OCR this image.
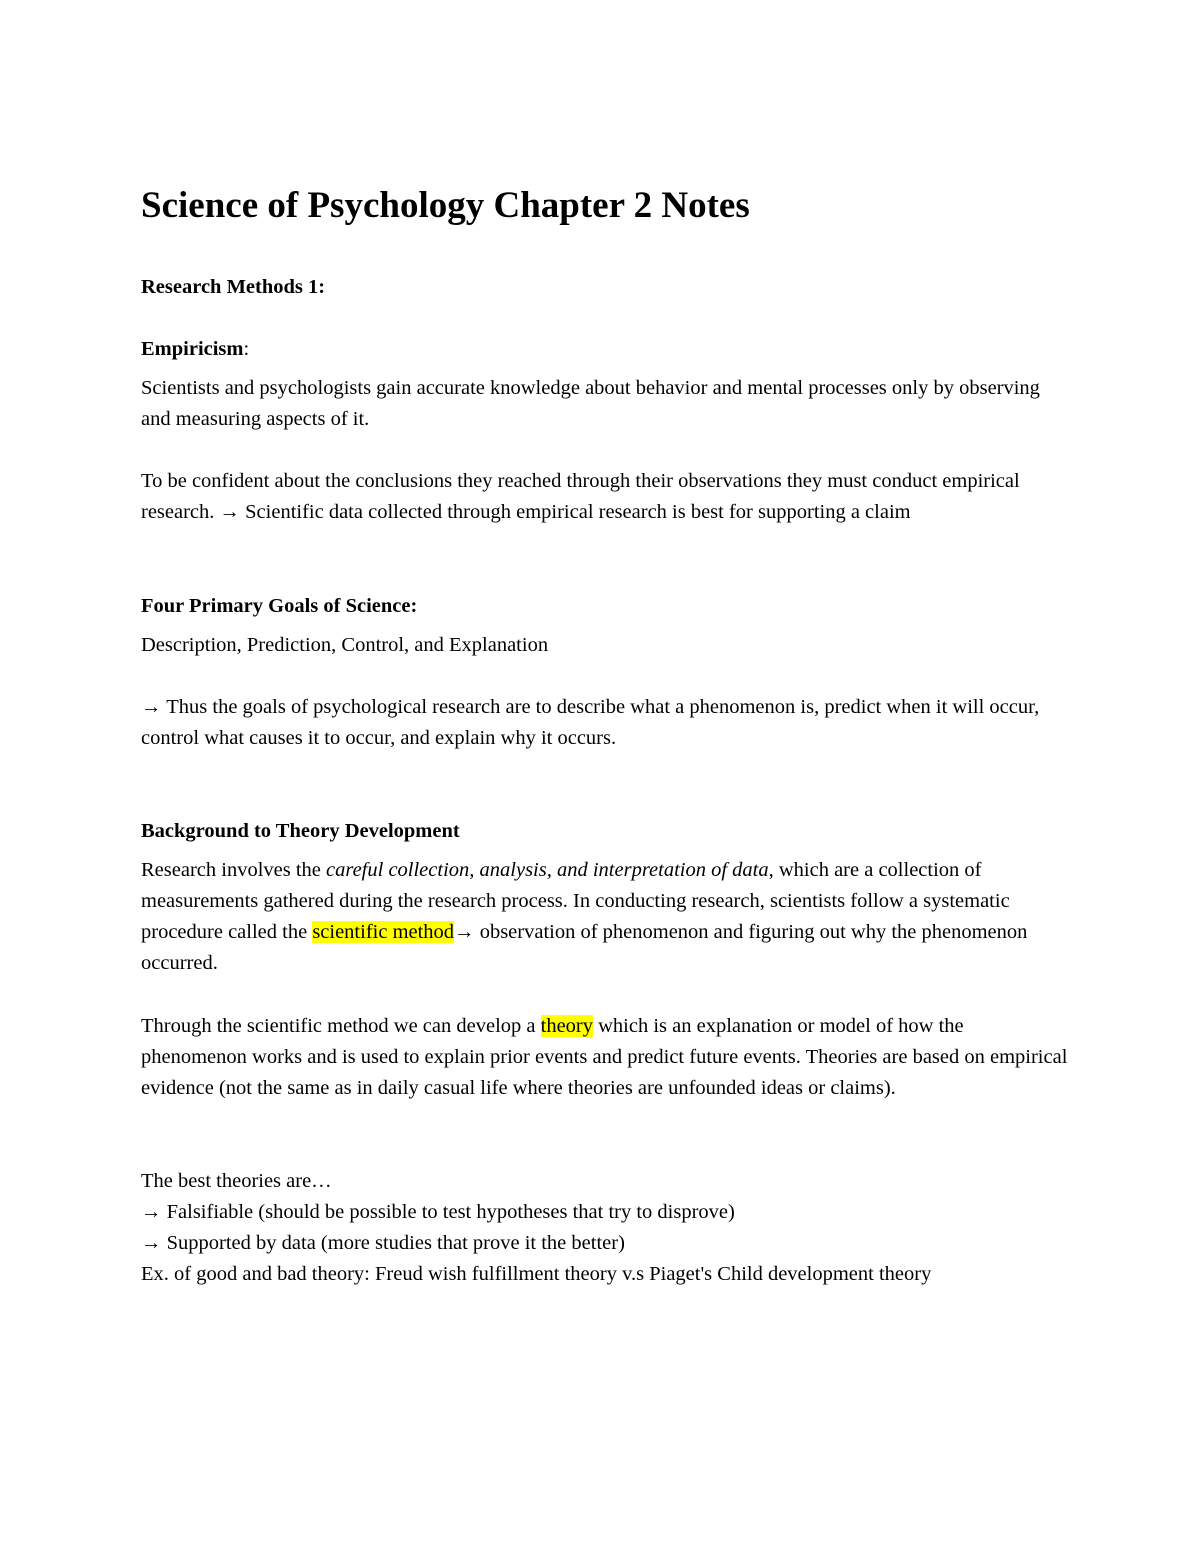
Science of Psychology Chapter 2 Notes

Research Methods 1:

Empiricism:

Scientists and psychologists gain accurate knowledge about behavior and mental processes only by observing and measuring aspects of it.

To be confident about the conclusions they reached through their observations they must conduct empirical research. → Scientific data collected through empirical research is best for supporting a claim

Four Primary Goals of Science:

Description, Prediction, Control, and Explanation

→ Thus the goals of psychological research are to describe what a phenomenon is, predict when it will occur, control what causes it to occur, and explain why it occurs.

Background to Theory Development

Research involves the careful collection, analysis, and interpretation of data, which are a collection of measurements gathered during the research process. In conducting research, scientists follow a systematic procedure called the scientific method→ observation of phenomenon and figuring out why the phenomenon occurred.

Through the scientific method we can develop a theory which is an explanation or model of how the phenomenon works and is used to explain prior events and predict future events. Theories are based on empirical evidence (not the same as in daily casual life where theories are unfounded ideas or claims).

The best theories are…

→ Falsifiable (should be possible to test hypotheses that try to disprove)

→ Supported by data (more studies that prove it the better)

Ex. of good and bad theory: Freud wish fulfillment theory v.s Piaget's Child development theory
